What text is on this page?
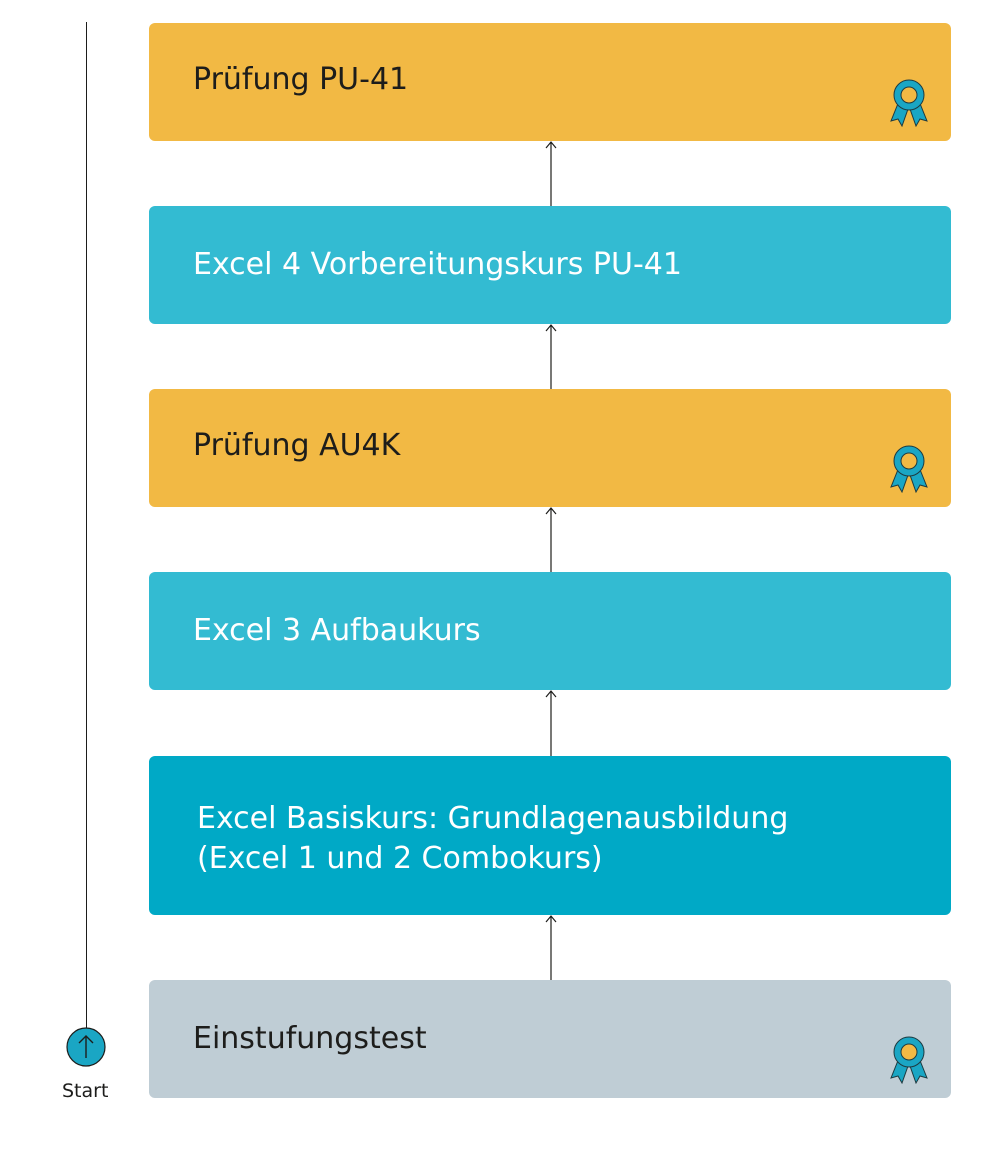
Prüfung PU-41
Excel 4 Vorbereitungskurs PU-41
Prüfung AU4K
Excel 3 Aufbaukurs
Excel Basiskurs: Grundlagenausbildung
(Excel 1 und 2 Combokurs)
Einstufungstest
Start
